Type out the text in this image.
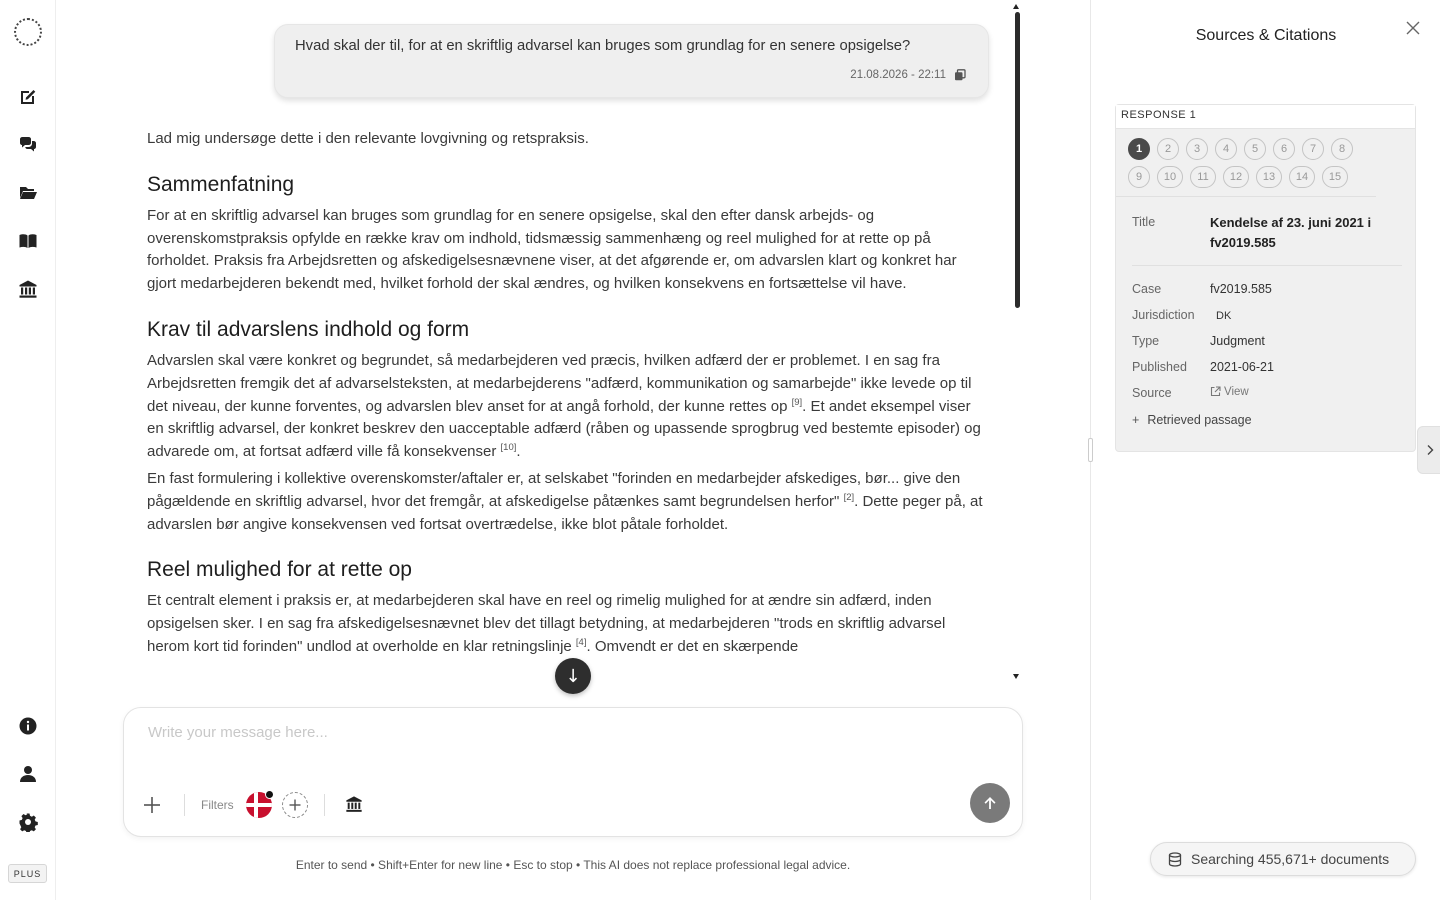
PLUS
Hvad skal der til, for at en skriftlig advarsel kan bruges som grundlag for en senere opsigelse?
21.08.2026 - 22:11

Lad mig undersøge dette i den relevante lovgivning og retspraksis.

Sammenfatning

For at en skriftlig advarsel kan bruges som grundlag for en senere opsigelse, skal den efter dansk arbejds- og overenskomstpraksis opfylde en række krav om indhold, tidsmæssig sammenhæng og reel mulighed for at rette op på forholdet. Praksis fra Arbejdsretten og afskedigelsesnævnene viser, at det afgørende er, om advarslen klart og konkret har gjort medarbejderen bekendt med, hvilket forhold der skal ændres, og hvilken konsekvens en fortsættelse vil have.

Krav til advarslens indhold og form

Advarslen skal være konkret og begrundet, så medarbejderen ved præcis, hvilken adfærd der er problemet. I en sag fra Arbejdsretten fremgik det af advarselsteksten, at medarbejderens "adfærd, kommunikation og samarbejde" ikke levede op til det niveau, der kunne forventes, og advarslen blev anset for at angå forhold, der kunne rettes op [9]. Et andet eksempel viser en skriftlig advarsel, der konkret beskrev den uacceptable adfærd (råben og upassende sprogbrug ved bestemte episoder) og advarede om, at fortsat adfærd ville få konsekvenser [10].

En fast formulering i kollektive overenskomster/aftaler er, at selskabet "forinden en medarbejder afskediges, bør... give den pågældende en skriftlig advarsel, hvor det fremgår, at afskedigelse påtænkes samt begrundelsen herfor" [2]. Dette peger på, at advarslen bør angive konsekvensen ved fortsat overtrædelse, ikke blot påtale forholdet.

Reel mulighed for at rette op

Et centralt element i praksis er, at medarbejderen skal have en reel og rimelig mulighed for at ændre sin adfærd, inden opsigelsen sker. I en sag fra afskedigelsesnævnet blev det tillagt betydning, at medarbejderen "trods en skriftlig advarsel herom kort tid forinden" undlod at overholde en klar retningslinje [4]. Omvendt er det en skærpende

↓
Write your message here...
Filters
Enter to send • Shift+Enter for new line • Esc to stop • This AI does not replace professional legal advice.
Sources & Citations
RESPONSE 1
1	2	3	4	5	6	7	8
9	10	11	12	13	14	15
Title	Kendelse af 23. juni 2021 i fv2019.585
Case	fv2019.585
Jurisdiction	DK
Type	Judgment
Published	2021-06-21
Source	View
+ Retrieved passage
Searching 455,671+ documents
